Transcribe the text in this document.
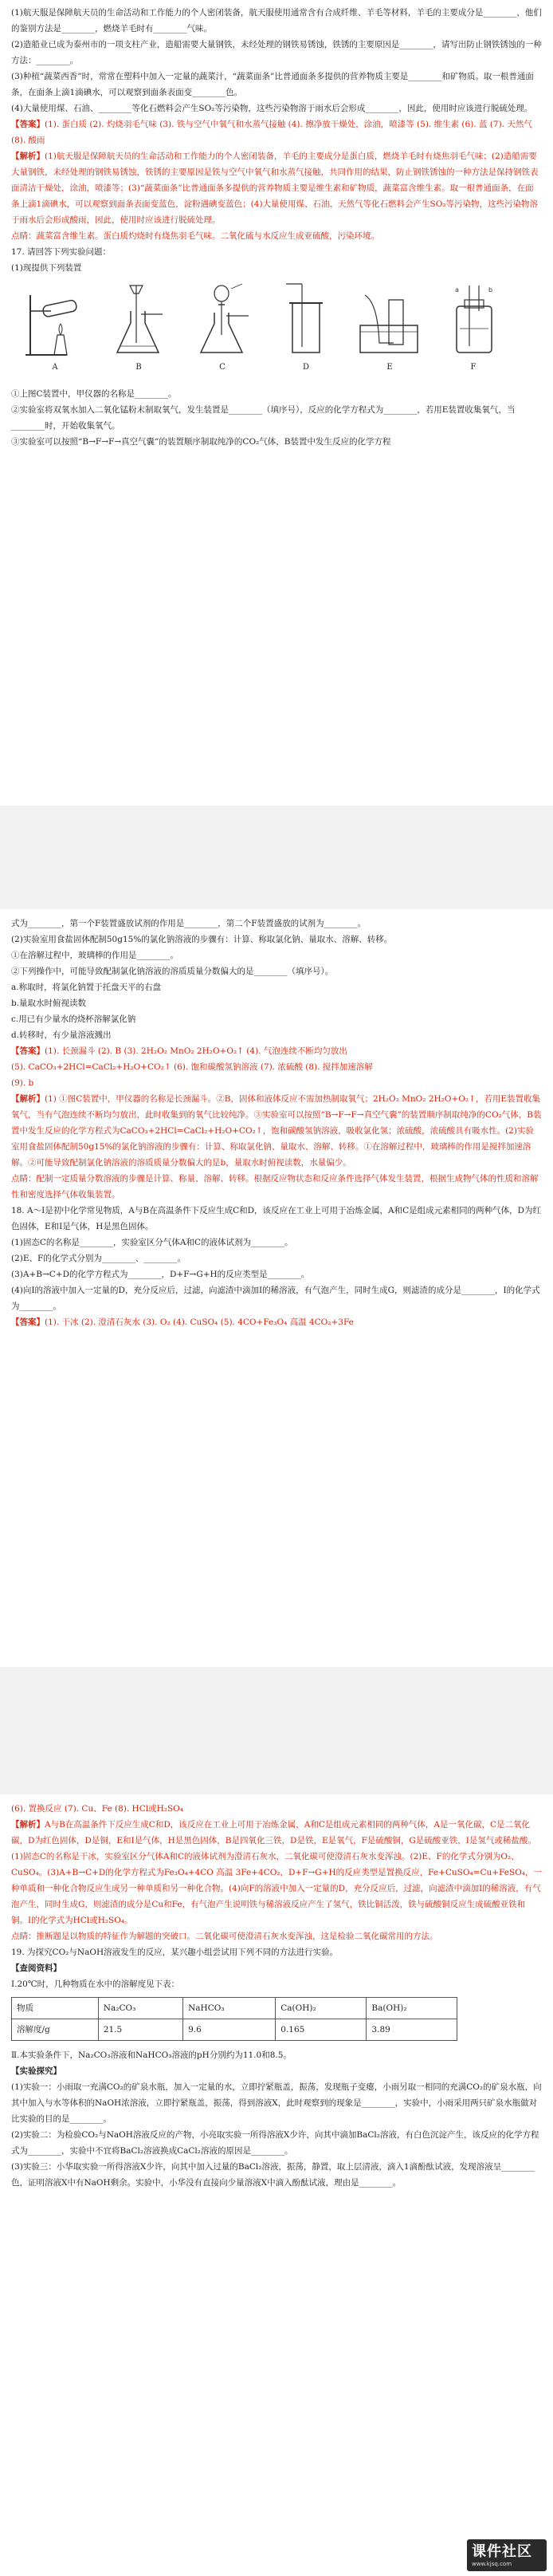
(1)航天服是保障航天员的生命活动和工作能力的个人密闭装备，航天服使用通常含有合成纤维、羊毛等材料，羊毛的主要成分是________，他们的鉴别方法是________，燃烧羊毛时有________气味。

(2)造船业已成为泰州市的一项支柱产业，造船需要大量钢铁，未经处理的钢铁易锈蚀，铁锈的主要原因是________，请写出防止钢铁锈蚀的一种方法：________。

(3)种植“蔬菜西香”时，常常在塑料中加入一定量的蔬菜汁，“蔬菜面条”比普通面条多提供的营养物质主要是________和矿物质。取一根普通面条，在面条上滴1滴碘水，可以观察到面条表面变________色。

(4)大量使用煤、石油、________等化石燃料会产生SO₂等污染物，这些污染物溶于雨水后会形成________，因此，使用时应该进行脱硫处理。

【答案】(1). 蛋白质 (2). 灼烧羽毛气味 (3). 铁与空气中氧气和水蒸气接触 (4). 擦净放干燥处，涂油，喷漆等 (5). 维生素 (6). 蓝 (7). 天然气 (8). 酸雨

【解析】(1)航天服是保障航天员的生命活动和工作能力的个人密闭装备，羊毛的主要成分是蛋白质，燃烧羊毛时有烧焦羽毛气味；(2)造船需要大量钢铁，未经处理的钢铁易锈蚀，铁锈的主要原因是铁与空气中氧气和水蒸气接触，共同作用的结果，防止钢铁锈蚀的一种方法是保持钢铁表面清洁干燥处，涂油，喷漆等；(3)“蔬菜面条”比普通面条多提供的营养物质主要是维生素和矿物质，蔬菜富含维生素。取一根普通面条，在面条上滴1滴碘水，可以观察到面条表面变蓝色，淀粉遇碘变蓝色；(4)大量使用煤、石油、天然气等化石燃料会产生SO₂等污染物，这些污染物溶于雨水后会形成酸雨，因此，使用时应该进行脱硫处理。

点睛：蔬菜富含维生素。蛋白质灼烧时有烧焦羽毛气味。二氧化硫与水反应生成亚硫酸，污染环境。

17. 请回答下列实验问题：

(1)现提供下列装置

A	B	C	D	E
b
a
F

①上图C装置中，甲仪器的名称是________。

②实验室将双氧水加入二氧化锰粉末制取氧气，发生装置是________（填序号），反应的化学方程式为________，若用E装置收集氧气，当________时，开始收集氧气。

③实验室可以按照“B→F→F→真空气囊”的装置顺序制取纯净的CO₂气体，B装置中发生反应的化学方程

式为________，第一个F装置盛放试剂的作用是________，第二个F装置盛放的试剂为________。

(2)实验室用食盐固体配制50g15%的氯化钠溶液的步骤有：计算、称取氯化钠、量取水、溶解、转移。

①在溶解过程中，玻璃棒的作用是________。

②下列操作中，可能导致配制氯化钠溶液的溶质质量分数偏大的是________（填序号）。

a.称取时，将氯化钠置于托盘天平的右盘

b.量取水时俯视读数

c.用已有少量水的烧杯溶解氯化钠

d.转移时，有少量溶液溅出

【答案】(1). 长颈漏斗 (2). B (3). 2H₂O₂ MnO₂ 2H₂O+O₂↑ (4). 气泡连续不断均匀放出

(5). CaCO₃+2HCl=CaCl₂+H₂O+CO₂↑ (6). 饱和碳酸氢钠溶液 (7). 浓硫酸 (8). 搅拌加速溶解

(9). b

【解析】(1) ①图C装置中，甲仪器的名称是长颈漏斗。②B，固体和液体反应不需加热制取氧气；2H₂O₂ MnO₂ 2H₂O+O₂↑，若用E装置收集氧气，当有气泡连续不断均匀放出，此时收集到的氧气比较纯净。③实验室可以按照“B→F→F→真空气囊”的装置顺序制取纯净的CO₂气体，B装置中发生反应的化学方程式为CaCO₃+2HCl=CaCl₂+H₂O+CO₂↑，饱和碳酸氢钠溶液，吸收氯化氢；浓硫酸，浓硫酸具有吸水性。(2)实验室用食盐固体配制50g15%的氯化钠溶液的步骤有：计算、称取氯化钠、量取水、溶解、转移。①在溶解过程中，玻璃棒的作用是搅拌加速溶解。②可能导致配制氯化钠溶液的溶质质量分数偏大的是b，量取水时俯视读数，水量偏少。

点睛：配制一定质量分数溶液的步骤是计算、称量、溶解、转移。根据反应物状态和反应条件选择气体发生装置，根据生成物气体的性质和溶解性和密度选择气体收集装置。

18. A～I是初中化学常见物质，A与B在高温条件下反应生成C和D，该反应在工业上可用于冶炼金属，A和C是组成元素相同的两种气体，D为红色固体，E和I是气体，H是黑色固体。

(1)固态C的名称是________，实验室区分气体A和C的液体试剂为________。

(2)E、F的化学式分别为________、________。

(3)A+B→C+D的化学方程式为________，D+F→G+H的反应类型是________。

(4)向I的溶液中加入一定量的D，充分反应后，过滤，向滤渣中滴加I的稀溶液，有气泡产生，同时生成G，则滤渣的成分是________，I的化学式为________。

【答案】(1). 干冰 (2). 澄清石灰水 (3). O₂ (4). CuSO₄ (5). 4CO+Fe₃O₄ 高温 4CO₂+3Fe

(6). 置换反应 (7). Cu、Fe (8). HCl或H₂SO₄

【解析】A与B在高温条件下反应生成C和D，该反应在工业上可用于冶炼金属，A和C是组成元素相同的两种气体，A是一氧化碳，C是二氧化碳，D为红色固体，D是铜，E和I是气体，H是黑色固体，B是四氧化三铁，D是铁，E是氧气，F是硫酸铜，G是硫酸亚铁，I是氢气或稀盐酸。(1)固态C的名称是干冰，实验室区分气体A和C的液体试剂为澄清石灰水，二氧化碳可使澄清石灰水变浑浊。(2)E、F的化学式分别为O₂、CuSO₄。(3)A+B→C+D的化学方程式为Fe₃O₄+4CO 高温 3Fe+4CO₂，D+F→G+H的反应类型是置换反应，Fe+CuSO₄=Cu+FeSO₄，一种单质和一种化合物反应生成另一种单质和另一种化合物。(4)向F的溶液中加入一定量的D，充分反应后，过滤，向滤渣中滴加I的稀溶液，有气泡产生，同时生成G，则滤渣的成分是Cu和Fe，有气泡产生说明铁与稀溶液反应产生了氢气，铁比铜活泼，铁与硫酸铜反应生成硫酸亚铁和铜。I的化学式为HCl或H₂SO₄。

点睛：推断题是以物质的特征作为解题的突破口。二氧化碳可使澄清石灰水变浑浊，这是检验二氧化碳常用的方法。

19. 为探究CO₂与NaOH溶液发生的反应，某兴趣小组尝试用下列不同的方法进行实验。

【查阅资料】

Ⅰ.20℃时，几种物质在水中的溶解度见下表：

物质	Na₂CO₃	NaHCO₃	Ca(OH)₂	Ba(OH)₂
溶解度/g	21.5	9.6	0.165	3.89

Ⅱ.本实验条件下，Na₂CO₃溶液和NaHCO₃溶液的pH分别约为11.0和8.5。

【实验探究】

(1)实验一：小雨取一充满CO₂的矿泉水瓶，加入一定量的水，立即拧紧瓶盖，振荡，发现瓶子变瘪，小雨另取一相同的充满CO₂的矿泉水瓶，向其中加入与水等体积的NaOH浓溶液，立即拧紧瓶盖，振荡，得到溶液X，此时观察到的现象是________，实验中，小雨采用两只矿泉水瓶做对比实验的目的是________。

(2)实验二：为检验CO₂与NaOH溶液反应的产物，小亮取实验一所得溶液X少许，向其中滴加BaCl₂溶液，有白色沉淀产生，该反应的化学方程式为________，实验中不宜将BaCl₂溶液换成CaCl₂溶液的原因是________。

(3)实验三：小华取实验一所得溶液X少许，向其中加入过量的BaCl₂溶液，振荡，静置，取上层清液，滴入1滴酚酞试液，发现溶液呈________色，证明溶液X中有NaOH剩余。实验中，小华没有直接向少量溶液X中滴入酚酞试液，理由是________。

课件社区
www.kjsq.com
